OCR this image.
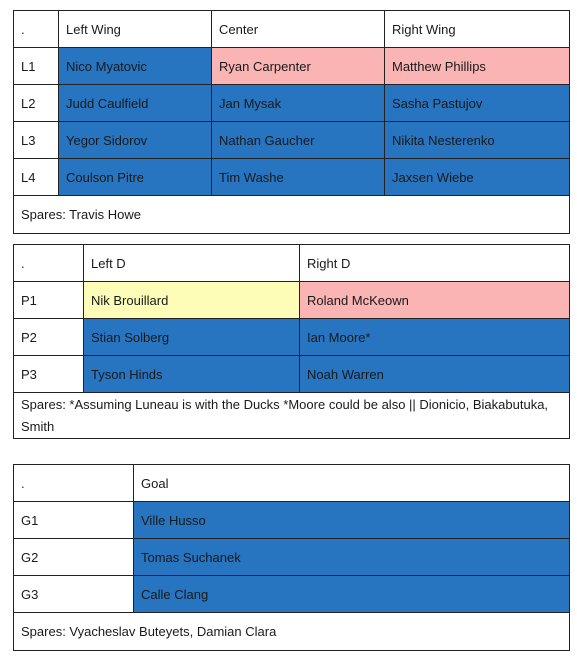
.	Left Wing	Center	Right Wing
L1	Nico Myatovic	Ryan Carpenter	Matthew Phillips
L2	Judd Caulfield	Jan Mysak	Sasha Pastujov
L3	Yegor Sidorov	Nathan Gaucher	Nikita Nesterenko
L4	Coulson Pitre	Tim Washe	Jaxsen Wiebe
Spares: Travis Howe			
.	Left D	Right D
P1	Nik Brouillard	Roland McKeown
P2	Stian Solberg	Ian Moore*
P3	Tyson Hinds	Noah Warren
Spares: *Assuming Luneau is with the Ducks *Moore could be also || Dionicio, Biakabutuka, Smith		
.	Goal
G1	Ville Husso
G2	Tomas Suchanek
G3	Calle Clang
Spares: Vyacheslav Buteyets, Damian Clara	
